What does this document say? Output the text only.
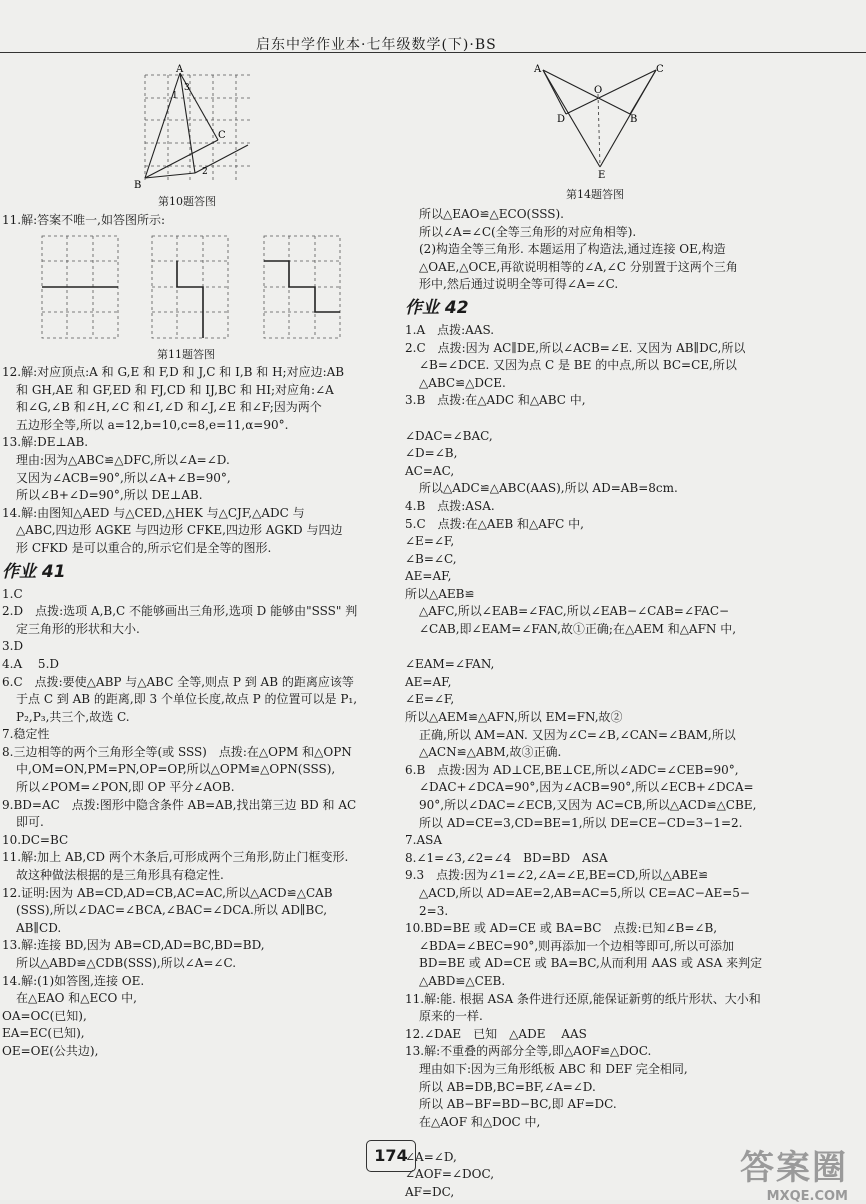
启东中学作业本·七年级数学(下)·BS
A
B
C
1
2
3
第10题答图

11.解:答案不唯一,如答图所示:

第11题答图

12.解:对应顶点:A 和 G,E 和 F,D 和 J,C 和 I,B 和 H;对应边:AB

和 GH,AE 和 GF,ED 和 FJ,CD 和 IJ,BC 和 HI;对应角:∠A

和∠G,∠B 和∠H,∠C 和∠I,∠D 和∠J,∠E 和∠F;因为两个

五边形全等,所以 a=12,b=10,c=8,e=11,α=90°.

13.解:DE⊥AB.

理由:因为△ABC≌△DFC,所以∠A=∠D.

又因为∠ACB=90°,所以∠A+∠B=90°,

所以∠B+∠D=90°,所以 DE⊥AB.

14.解:由图知△AED 与△CED,△HEK 与△CJF,△ADC 与

△ABC,四边形 AGKE 与四边形 CFKE,四边形 AGKD 与四边

形 CFKD 是可以重合的,所示它们是全等的图形.

作业 41

1.C

2.D　点拨:选项 A,B,C 不能够画出三角形,选项 D 能够由"SSS" 判

定三角形的形状和大小.

3.D

4.A　 5.D

6.C　点拨:要使△ABP 与△ABC 全等,则点 P 到 AB 的距离应该等

于点 C 到 AB 的距离,即 3 个单位长度,故点 P 的位置可以是 P₁,

P₂,P₃,共三个,故选 C.

7.稳定性

8.三边相等的两个三角形全等(或 SSS)　点拨:在△OPM 和△OPN

中,OM=ON,PM=PN,OP=OP,所以△OPM≌△OPN(SSS),

所以∠POM=∠PON,即 OP 平分∠AOB.

9.BD=AC　点拨:图形中隐含条件 AB=AB,找出第三边 BD 和 AC

即可.

10.DC=BC

11.解:加上 AB,CD 两个木条后,可形成两个三角形,防止门框变形.

故这种做法根据的是三角形具有稳定性.

12.证明:因为 AB=CD,AD=CB,AC=AC,所以△ACD≌△CAB

(SSS),所以∠DAC=∠BCA,∠BAC=∠DCA.所以 AD∥BC,

AB∥CD.

13.解:连接 BD,因为 AB=CD,AD=BC,BD=BD,

所以△ABD≌△CDB(SSS),所以∠A=∠C.

14.解:(1)如答图,连接 OE.

在△EAO 和△ECO 中,

OA=OC(已知),

EA=EC(已知),

OE=OE(公共边),

A	C
O
D	B
E
第14题答图

所以△EAO≌△ECO(SSS).

所以∠A=∠C(全等三角形的对应角相等).

(2)构造全等三角形. 本题运用了构造法,通过连接 OE,构造

△OAE,△OCE,再欲说明相等的∠A,∠C 分别置于这两个三角

形中,然后通过说明全等可得∠A=∠C.

作业 42

1.A　点拨:AAS.

2.C　点拨:因为 AC∥DE,所以∠ACB=∠E. 又因为 AB∥DC,所以

∠B=∠DCE. 又因为点 C 是 BE 的中点,所以 BC=CE,所以

△ABC≌△DCE.

3.B　点拨:在△ADC 和△ABC 中,

∠DAC=∠BAC,

∠D=∠B,

AC=AC,

所以△ADC≌△ABC(AAS),所以 AD=AB=8cm.

4.B　点拨:ASA.

5.C　点拨:在△AEB 和△AFC 中,

∠E=∠F,

∠B=∠C,

AE=AF,

所以△AEB≌

△AFC,所以∠EAB=∠FAC,所以∠EAB−∠CAB=∠FAC−

∠CAB,即∠EAM=∠FAN,故①正确;在△AEM 和△AFN 中,

∠EAM=∠FAN,

AE=AF,

∠E=∠F,

所以△AEM≌△AFN,所以 EM=FN,故②

正确,所以 AM=AN. 又因为∠C=∠B,∠CAN=∠BAM,所以

△ACN≌△ABM,故③正确.

6.B　点拨:因为 AD⊥CE,BE⊥CE,所以∠ADC=∠CEB=90°,

∠DAC+∠DCA=90°,因为∠ACB=90°,所以∠ECB+∠DCA=

90°,所以∠DAC=∠ECB,又因为 AC=CB,所以△ACD≌△CBE,

所以 AD=CE=3,CD=BE=1,所以 DE=CE−CD=3−1=2.

7.ASA

8.∠1=∠3,∠2=∠4　BD=BD　ASA

9.3　点拨:因为∠1=∠2,∠A=∠E,BE=CD,所以△ABE≌

△ACD,所以 AD=AE=2,AB=AC=5,所以 CE=AC−AE=5−

2=3.

10.BD=BE 或 AD=CE 或 BA=BC　点拨:已知∠B=∠B,

∠BDA=∠BEC=90°,则再添加一个边相等即可,所以可添加

BD=BE 或 AD=CE 或 BA=BC,从而利用 AAS 或 ASA 来判定

△ABD≌△CEB.

11.解:能. 根据 ASA 条件进行还原,能保证新剪的纸片形状、大小和

原来的一样.

12.∠DAE　已知　△ADE　 AAS

13.解:不重叠的两部分全等,即△AOF≌△DOC.

理由如下:因为三角形纸板 ABC 和 DEF 完全相同,

所以 AB=DB,BC=BF,∠A=∠D.

所以 AB−BF=BD−BC,即 AF=DC.

在△AOF 和△DOC 中,

∠A=∠D,

∠AOF=∠DOC,

AF=DC,

174	答案圈
MXQE.COM
